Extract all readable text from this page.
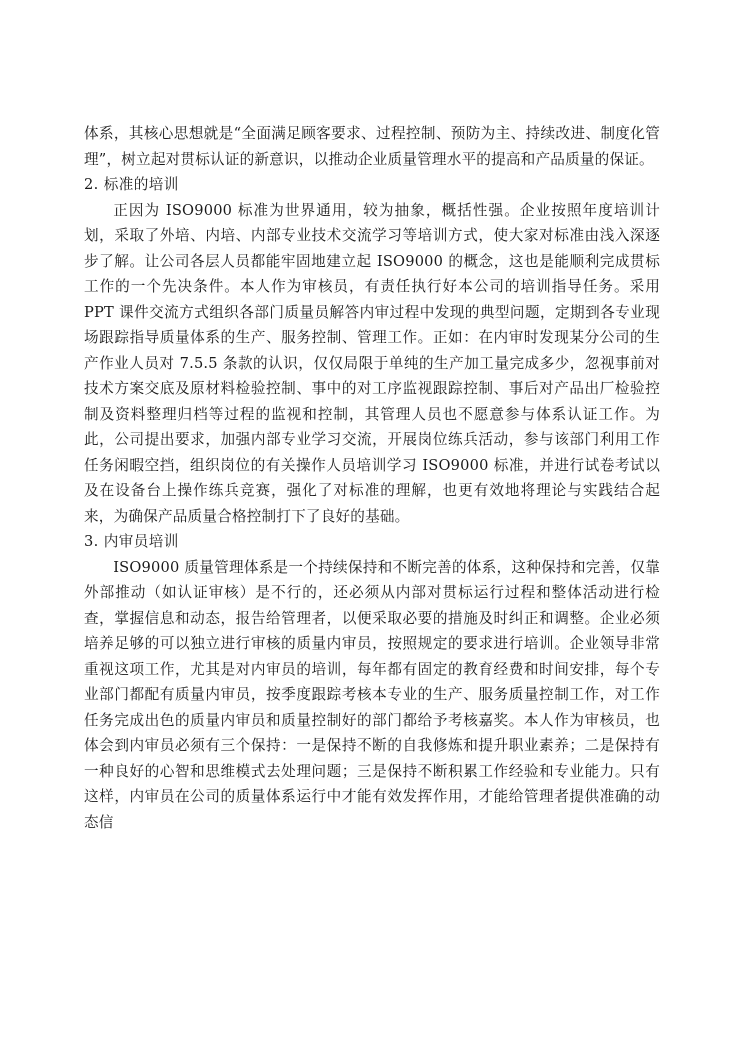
体系，其核心思想就是“全面满足顾客要求、过程控制、预防为主、持续改进、制度化管理”，树立起对贯标认证的新意识，以推动企业质量管理水平的提高和产品质量的保证。

2. 标准的培训

正因为 ISO9000 标准为世界通用，较为抽象，概括性强。企业按照年度培训计划，采取了外培、内培、内部专业技术交流学习等培训方式，使大家对标准由浅入深逐步了解。让公司各层人员都能牢固地建立起 ISO9000 的概念，这也是能顺利完成贯标工作的一个先决条件。本人作为审核员，有责任执行好本公司的培训指导任务。采用 PPT 课件交流方式组织各部门质量员解答内审过程中发现的典型问题，定期到各专业现场跟踪指导质量体系的生产、服务控制、管理工作。正如：在内审时发现某分公司的生产作业人员对 7.5.5 条款的认识，仅仅局限于单纯的生产加工量完成多少，忽视事前对技术方案交底及原材料检验控制、事中的对工序监视跟踪控制、事后对产品出厂检验控制及资料整理归档等过程的监视和控制，其管理人员也不愿意参与体系认证工作。为此，公司提出要求，加强内部专业学习交流，开展岗位练兵活动，参与该部门利用工作任务闲暇空挡，组织岗位的有关操作人员培训学习 ISO9000 标准，并进行试卷考试以及在设备台上操作练兵竞赛，强化了对标准的理解，也更有效地将理论与实践结合起来，为确保产品质量合格控制打下了良好的基础。

3. 内审员培训

ISO9000 质量管理体系是一个持续保持和不断完善的体系，这种保持和完善，仅靠外部推动（如认证审核）是不行的，还必须从内部对贯标运行过程和整体活动进行检查，掌握信息和动态，报告给管理者，以便采取必要的措施及时纠正和调整。企业必须培养足够的可以独立进行审核的质量内审员，按照规定的要求进行培训。企业领导非常重视这项工作，尤其是对内审员的培训，每年都有固定的教育经费和时间安排，每个专业部门都配有质量内审员，按季度跟踪考核本专业的生产、服务质量控制工作，对工作任务完成出色的质量内审员和质量控制好的部门都给予考核嘉奖。本人作为审核员，也体会到内审员必须有三个保持：一是保持不断的自我修炼和提升职业素养；二是保持有一种良好的心智和思维模式去处理问题；三是保持不断积累工作经验和专业能力。只有这样，内审员在公司的质量体系运行中才能有效发挥作用，才能给管理者提供准确的动态信
